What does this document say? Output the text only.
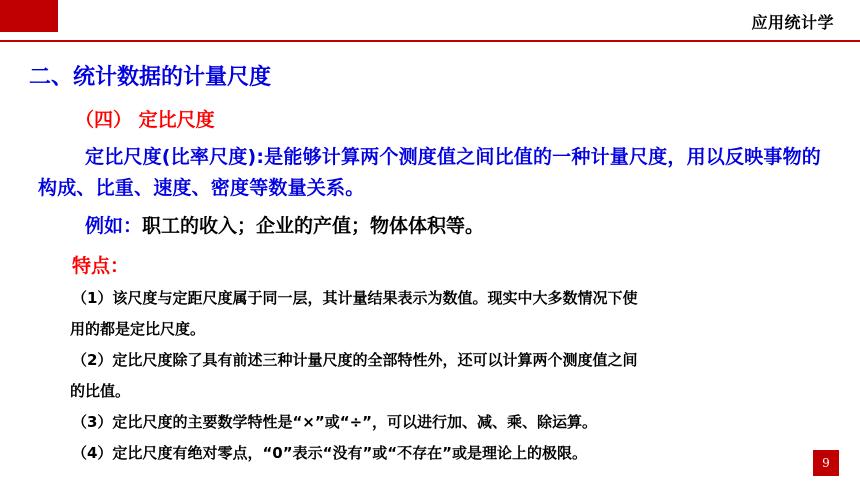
应用统计学
二、统计数据的计量尺度
（四） 定比尺度
定比尺度(比率尺度):是能够计算两个测度值之间比值的一种计量尺度，用以反映事物的构成、比重、速度、密度等数量关系。
例如：职工的收入；企业的产值；物体体积等。
特点：

（1）该尺度与定距尺度属于同一层，其计量结果表示为数值。现实中大多数情况下使

用的都是定比尺度。

（2）定比尺度除了具有前述三种计量尺度的全部特性外，还可以计算两个测度值之间

的比值。

（3）定比尺度的主要数学特性是“×”或“÷”，可以进行加、减、乘、除运算。

（4）定比尺度有绝对零点，“0”表示“没有”或“不存在”或是理论上的极限。

9
